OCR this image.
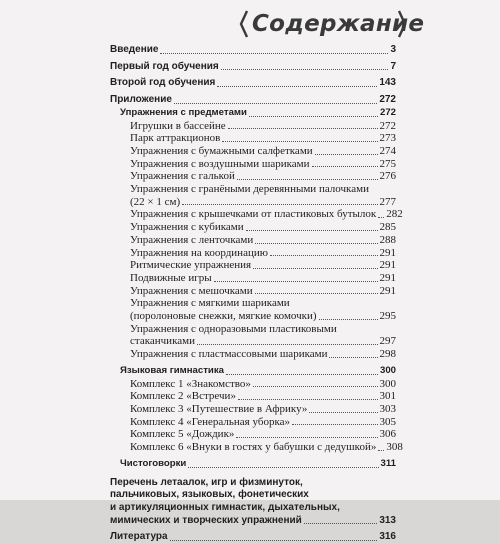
Содержание
Введение	3
Первый год обучения	7
Второй год обучения	143
Приложение	272
Упражнения с предметами	272
Игрушки в бассейне	272
Парк аттракционов	273
Упражнения с бумажными салфетками	274
Упражнения с воздушными шариками	275
Упражнения с галькой	276
Упражнения с гранёными деревянными палочками
(22 × 1 см)	277
Упражнения с крышечками от пластиковых бутылок 282
Упражнения с кубиками	285
Упражнения с ленточками	288
Упражнения на координацию	291
Ритмические упражнения	291
Подвижные игры	291
Упражнения с мешочками	291
Упражнения с мягкими шариками
(поролоновые снежки, мягкие комочки)	295
Упражнения с одноразовыми пластиковыми
стаканчиками	297
Упражнения с пластмассовыми шариками	298
Языковая гимнастика	300
Комплекс 1 «Знакомство»	300
Комплекс 2 «Встречи»	301
Комплекс 3 «Путешествие в Африку»	303
Комплекс 4 «Генеральная уборка»	305
Комплекс 5 «Дождик»	306
Комплекс 6 «Внуки в гостях у бабушки с дедушкой» 308
Чистоговорки	311
Перечень летаалок, игр и физминуток,
пальчиковых, языковых, фонетических
и артикуляционных гимнастик, дыхательных,
мимических и творческих упражнений	313
Литература	316
